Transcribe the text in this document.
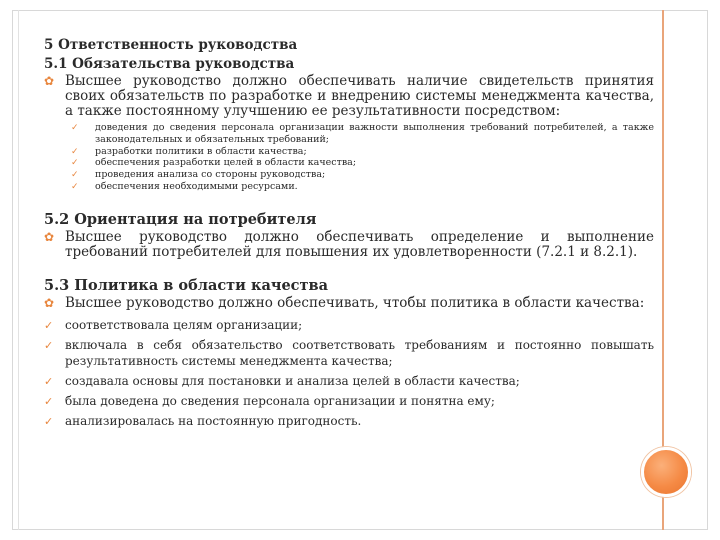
5 Ответственность руководства

5.1 Обязательства руководства

✿ Высшее руководство должно обеспечивать наличие свидетельств принятия своих обязательств по разработке и внедрению системы менеджмента качества, а также постоянному улучшению ее результативности посредством:
✓ доведения до сведения персонала организации важности выполнения требований потребителей, а также законодательных и обязательных требований;
✓ разработки политики в области качества;
✓ обеспечения разработки целей в области качества;
✓ проведения анализа со стороны руководства;
✓ обеспечения необходимыми ресурсами.

5.2 Ориентация на потребителя

✿ Высшее руководство должно обеспечивать определение и выполнение требований потребителей для повышения их удовлетворенности (7.2.1 и 8.2.1).

5.3 Политика в области качества

✿ Высшее руководство должно обеспечивать, чтобы политика в области качества:
✓ соответствовала целям организации;
✓ включала в себя обязательство соответствовать требованиям и постоянно повышать результативность системы менеджмента качества;
✓ создавала основы для постановки и анализа целей в области качества;
✓ была доведена до сведения персонала организации и понятна ему;
✓ анализировалась на постоянную пригодность.
